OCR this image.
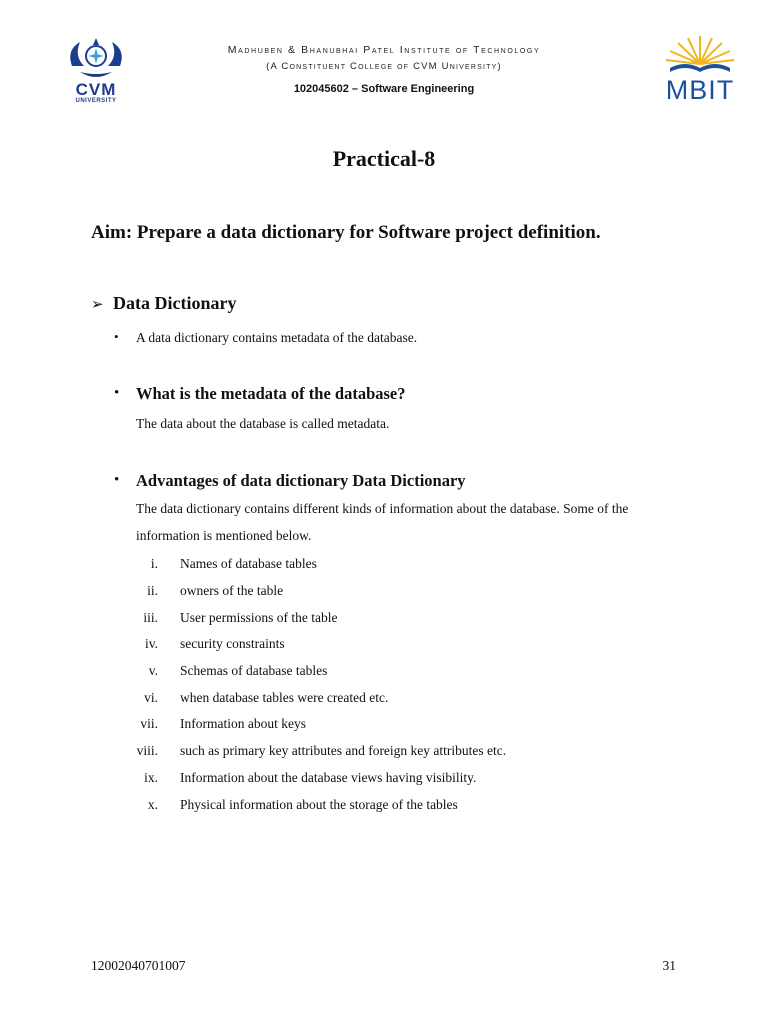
CVM
UNIVERSITY	MBIT
Madhuben & Bhanubhai Patel Institute of Technology
(A Constituent College of CVM University)
102045602 – Software Engineering
Practical-8
Aim: Prepare a data dictionary for Software project definition.
➢ Data Dictionary
• A data dictionary contains metadata of the database.
• What is the metadata of the database?
The data about the database is called metadata.
• Advantages of data dictionary Data Dictionary
The data dictionary contains different kinds of information about the database. Some of the
information is mentioned below.
i. Names of database tables
ii. owners of the table
iii. User permissions of the table
iv. security constraints
v. Schemas of database tables
vi. when database tables were created etc.
vii. Information about keys
viii. such as primary key attributes and foreign key attributes etc.
ix. Information about the database views having visibility.
x. Physical information about the storage of the tables
12002040701007	31
